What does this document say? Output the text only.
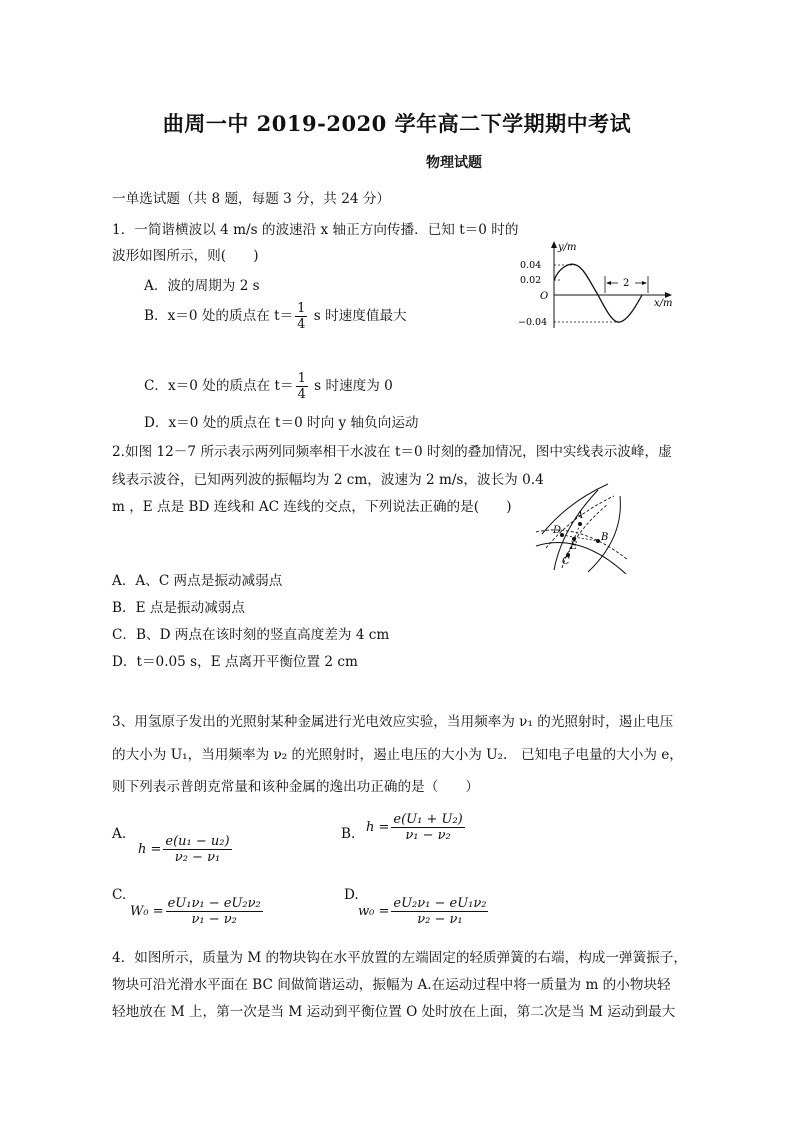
曲周一中 2019-2020 学年高二下学期期中考试
物理试题
一单选试题（共 8 题，每题 3 分，共 24 分）
1．一简谐横波以 4 m/s 的波速沿 x 轴正方向传播．已知 t＝0 时的
波形如图所示，则(　　)
A．波的周期为 2 s
B．x＝0 处的质点在 $t= \frac{1}{4}$ s 时速度值最大
C．x＝0 处的质点在 $t= \frac{1}{4}$ s 时速度为 0
D．x＝0 处的质点在 t＝0 时向 y 轴负向运动
y/m
0.04
0.02
O
−0.04
2
x/m
2.如图 12－7 所示表示两列同频率相干水波在 t＝0 时刻的叠加情况，图中实线表示波峰，虚
线表示波谷，已知两列波的振幅均为 2 cm，波速为 2 m/s，波长为 0.4
m ，E 点是 BD 连线和 AC 连线的交点，下列说法正确的是(　　)
A
B
C
D
E
A．A、C 两点是振动减弱点
B．E 点是振动减弱点
C．B、D 两点在该时刻的竖直高度差为 4 cm
D．t＝0.05 s，E 点离开平衡位置 2 cm
3、用氢原子发出的光照射某种金属进行光电效应实验，当用频率为 ν₁ 的光照射时，遏止电压
的大小为 U₁，当用频率为 ν₂ 的光照射时，遏止电压的大小为 U₂.　已知电子电量的大小为 e，
则下列表示普朗克常量和该种金属的逸出功正确的是（　　）
A.
$h = \frac{\text{e(u₁ − u₂)}}{\text{ν₂ − ν₁}}$	B. $h = \frac{\text{e(U₁ + U₂)}}{\text{ν₁ − ν₂}}$
C.
$W_0 = \frac{\text{eU₁ν₁ − eU₂ν₂}}{\text{ν₁ − ν₂}}$
D.
$w_0 = \frac{\text{eU₂ν₁ − eU₁ν₂}}{\text{ν₂ − ν₁}}$
4．如图所示，质量为 M 的物块钩在水平放置的左端固定的轻质弹簧的右端，构成一弹簧振子，
物块可沿光滑水平面在 BC 间做简谐运动，振幅为 A.在运动过程中将一质量为 m 的小物块轻
轻地放在 M 上，第一次是当 M 运动到平衡位置 O 处时放在上面，第二次是当 M 运动到最大
